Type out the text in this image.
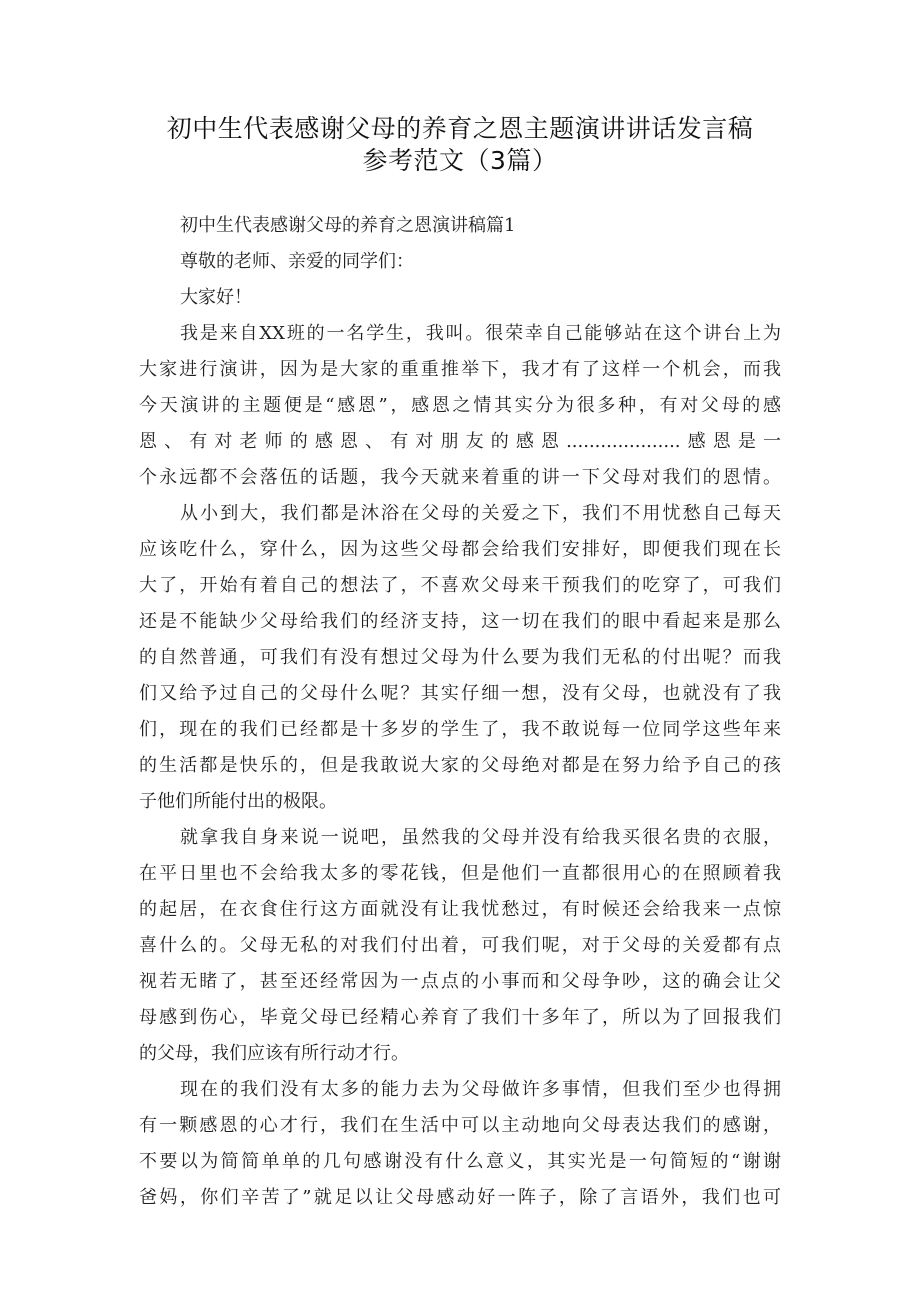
初中生代表感谢父母的养育之恩主题演讲讲话发言稿
参考范文（3篇）
初中生代表感谢父母的养育之恩演讲稿篇1
尊敬的老师、亲爱的同学们：
大家好！
我是来自XX班的一名学生，我叫。很荣幸自己能够站在这个讲台上为
大家进行演讲，因为是大家的重重推举下，我才有了这样一个机会，而我
今天演讲的主题便是“感恩”，感恩之情其实分为很多种，有对父母的感
恩、有对老师的感恩、有对朋友的感恩....................感恩是一
个永远都不会落伍的话题，我今天就来着重的讲一下父母对我们的恩情。
从小到大，我们都是沐浴在父母的关爱之下，我们不用忧愁自己每天
应该吃什么，穿什么，因为这些父母都会给我们安排好，即便我们现在长
大了，开始有着自己的想法了，不喜欢父母来干预我们的吃穿了，可我们
还是不能缺少父母给我们的经济支持，这一切在我们的眼中看起来是那么
的自然普通，可我们有没有想过父母为什么要为我们无私的付出呢？而我
们又给予过自己的父母什么呢？其实仔细一想，没有父母，也就没有了我
们，现在的我们已经都是十多岁的学生了，我不敢说每一位同学这些年来
的生活都是快乐的，但是我敢说大家的父母绝对都是在努力给予自己的孩
子他们所能付出的极限。
就拿我自身来说一说吧，虽然我的父母并没有给我买很名贵的衣服，
在平日里也不会给我太多的零花钱，但是他们一直都很用心的在照顾着我
的起居，在衣食住行这方面就没有让我忧愁过，有时候还会给我来一点惊
喜什么的。父母无私的对我们付出着，可我们呢，对于父母的关爱都有点
视若无睹了，甚至还经常因为一点点的小事而和父母争吵，这的确会让父
母感到伤心，毕竟父母已经精心养育了我们十多年了，所以为了回报我们
的父母，我们应该有所行动才行。
现在的我们没有太多的能力去为父母做许多事情，但我们至少也得拥
有一颗感恩的心才行，我们在生活中可以主动地向父母表达我们的感谢，
不要以为简简单单的几句感谢没有什么意义，其实光是一句简短的“谢谢
爸妈，你们辛苦了”就足以让父母感动好一阵子，除了言语外，我们也可
